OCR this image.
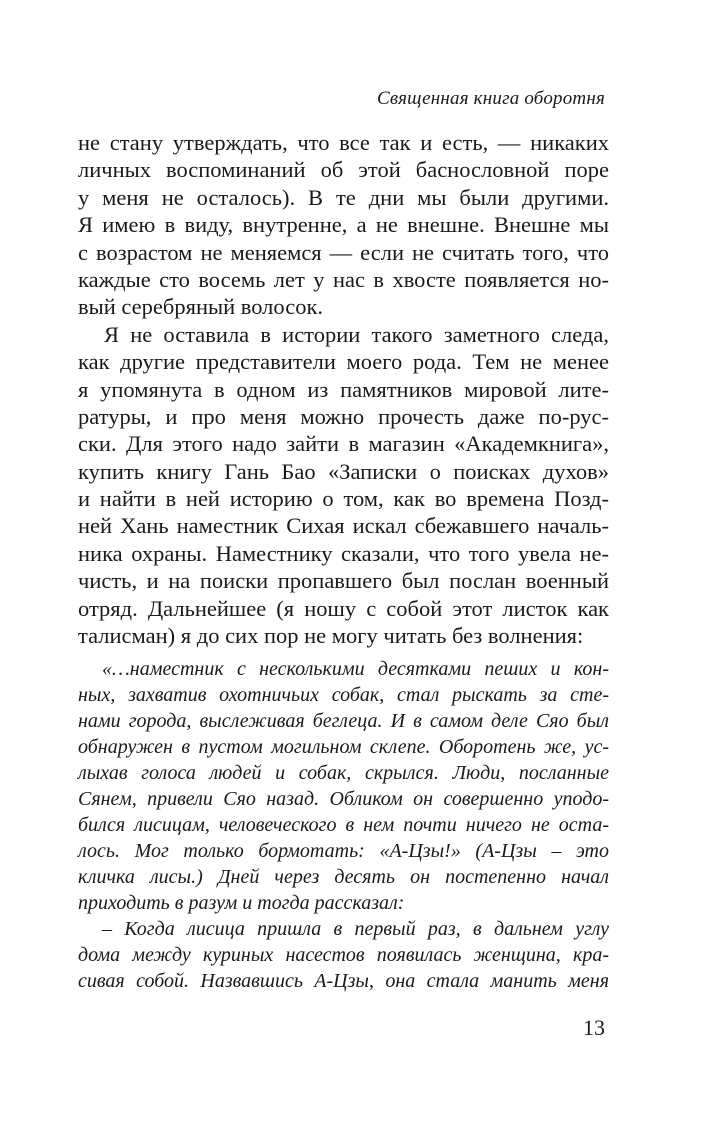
Священная книга оборотня
не стану утверждать, что все так и есть, — никаких
личных воспоминаний об этой баснословной поре
у меня не осталось). В те дни мы были другими.
Я имею в виду, внутренне, а не внешне. Внешне мы
с возрастом не меняемся — если не считать того, что
каждые сто восемь лет у нас в хвосте появляется но-
вый серебряный волосок.
Я не оставила в истории такого заметного следа,
как другие представители моего рода. Тем не менее
я упомянута в одном из памятников мировой лите-
ратуры, и про меня можно прочесть даже по-рус-
ски. Для этого надо зайти в магазин «Академкнига»,
купить книгу Гань Бао «Записки о поисках духов»
и найти в ней историю о том, как во времена Позд-
ней Хань наместник Сихая искал сбежавшего началь-
ника охраны. Наместнику сказали, что того увела не-
чисть, и на поиски пропавшего был послан военный
отряд. Дальнейшее (я ношу с собой этот листок как
талисман) я до сих пор не могу читать без волнения:
«…наместник с несколькими десятками пеших и кон-
ных, захватив охотничьих собак, стал рыскать за сте-
нами города, выслеживая беглеца. И в самом деле Сяо был
обнаружен в пустом могильном склепе. Оборотень же, ус-
лыхав голоса людей и собак, скрылся. Люди, посланные
Сянем, привели Сяо назад. Обликом он совершенно уподо-
бился лисицам, человеческого в нем почти ничего не оста-
лось. Мог только бормотать: «А-Цзы!» (А-Цзы – это
кличка лисы.) Дней через десять он постепенно начал
приходить в разум и тогда рассказал:
– Когда лисица пришла в первый раз, в дальнем углу
дома между куриных насестов появилась женщина, кра-
сивая собой. Назвавшись А-Цзы, она стала манить меня
13
